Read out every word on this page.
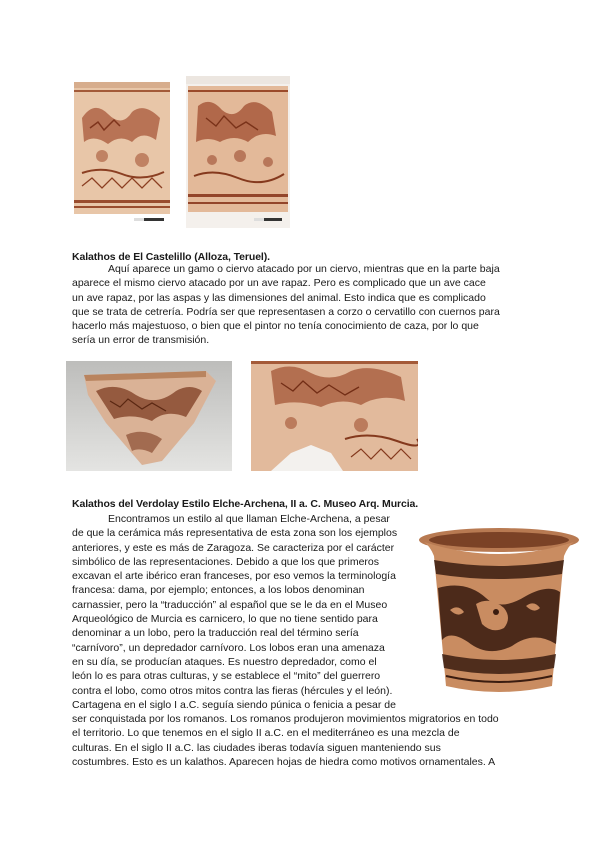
Kalathos de El Castelillo (Alloza, Teruel).

Aquí aparece un gamo o ciervo atacado por un ciervo, mientras que en la parte baja
aparece el mismo ciervo atacado por un ave rapaz. Pero es complicado que un ave cace
un ave rapaz, por las aspas y las dimensiones del animal. Esto indica que es complicado
que se trata de cetrería. Podría ser que representasen a corzo o cervatillo con cuernos para
hacerlo más majestuoso, o bien que el pintor no tenía conocimiento de caza, por lo que
sería un error de transmisión.

Kalathos del Verdolay Estilo Elche-Archena, II a. C. Museo Arq. Murcia.

Encontramos un estilo al que llaman Elche-Archena, a pesar
de que la cerámica más representativa de esta zona son los ejemplos
anteriores, y este es más de Zaragoza. Se caracteriza por el carácter
simbólico de las representaciones. Debido a que los que primeros
excavan el arte ibérico eran franceses, por eso vemos la terminología
francesa: dama, por ejemplo; entonces, a los lobos denominan
carnassier, pero la “traducción” al español que se le da en el Museo
Arqueológico de Murcia es carnicero, lo que no tiene sentido para
denominar a un lobo, pero la traducción real del término sería
“carnívoro”, un depredador carnívoro. Los lobos eran una amenaza
en su día, se producían ataques. Es nuestro depredador, como el
león lo es para otras culturas, y se establece el “mito” del guerrero
contra el lobo, como otros mitos contra las fieras (hércules y el león).
Cartagena en el siglo I a.C. seguía siendo púnica o fenicia a pesar de
ser conquistada por los romanos. Los romanos produjeron movimientos migratorios en todo
el territorio. Lo que tenemos en el siglo II a.C. en el mediterráneo es una mezcla de
culturas. En el siglo II a.C. las ciudades iberas todavía siguen manteniendo sus
costumbres. Esto es un kalathos. Aparecen hojas de hiedra como motivos ornamentales. A
